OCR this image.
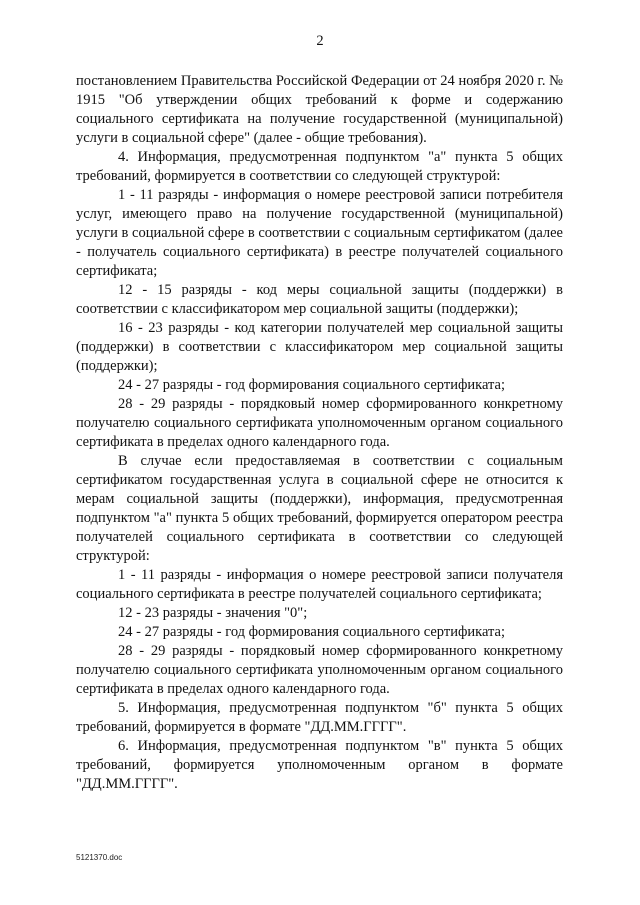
2

постановлением Правительства Российской Федерации от 24 ноября 2020 г. № 1915 "Об утверждении общих требований к форме и содержанию социального сертификата на получение государственной (муниципальной) услуги в социальной сфере" (далее - общие требования).

4. Информация, предусмотренная подпунктом "а" пункта 5 общих требований, формируется в соответствии со следующей структурой:

1 - 11 разряды - информация о номере реестровой записи потребителя услуг, имеющего право на получение государственной (муниципальной) услуги в социальной сфере в соответствии с социальным сертификатом (далее - получатель социального сертификата) в реестре получателей социального сертификата;

12 - 15 разряды - код меры социальной защиты (поддержки) в соответствии с классификатором мер социальной защиты (поддержки);

16 - 23 разряды - код категории получателей мер социальной защиты (поддержки) в соответствии с классификатором мер социальной защиты (поддержки);

24 - 27 разряды - год формирования социального сертификата;

28 - 29 разряды - порядковый номер сформированного конкретному получателю социального сертификата уполномоченным органом социального сертификата в пределах одного календарного года.

В случае если предоставляемая в соответствии с социальным сертификатом государственная услуга в социальной сфере не относится к мерам социальной защиты (поддержки), информация, предусмотренная подпунктом "а" пункта 5 общих требований, формируется оператором реестра получателей социального сертификата в соответствии со следующей структурой:

1 - 11 разряды - информация о номере реестровой записи получателя социального сертификата в реестре получателей социального сертификата;

12 - 23 разряды - значения "0";

24 - 27 разряды - год формирования социального сертификата;

28 - 29 разряды - порядковый номер сформированного конкретному получателю социального сертификата уполномоченным органом социального сертификата в пределах одного календарного года.

5. Информация, предусмотренная подпунктом "б" пункта 5 общих требований, формируется в формате "ДД.ММ.ГГГГ".

6. Информация, предусмотренная подпунктом "в" пункта 5 общих требований, формируется уполномоченным органом в формате "ДД.ММ.ГГГГ".

5121370.doc
